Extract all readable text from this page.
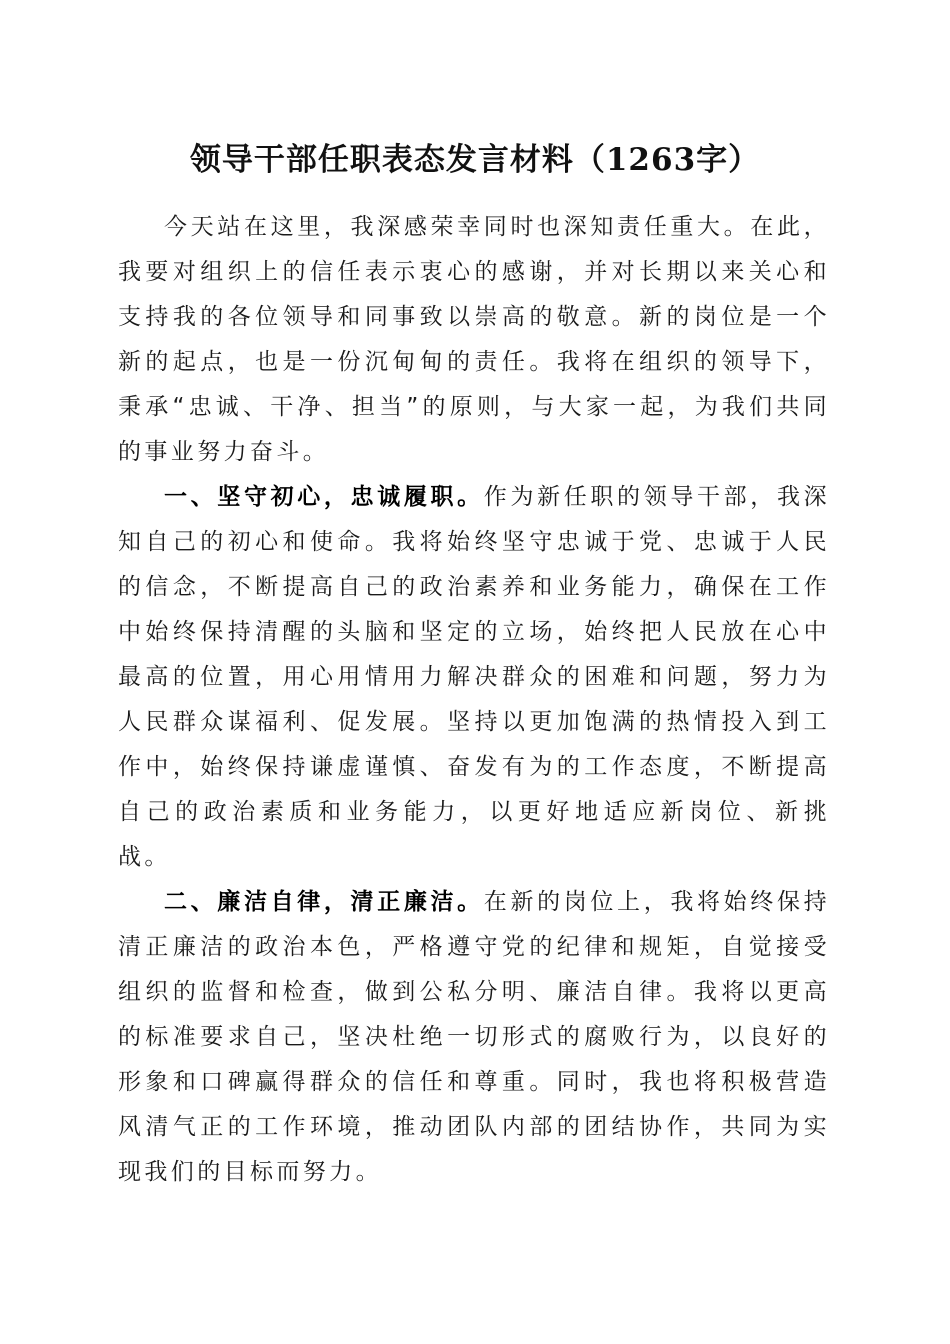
领导干部任职表态发言材料（1263字）

今天站在这里，我深感荣幸同时也深知责任重大。在此，我要对组织上的信任表示衷心的感谢，并对长期以来关心和支持我的各位领导和同事致以崇高的敬意。新的岗位是一个新的起点，也是一份沉甸甸的责任。我将在组织的领导下，秉承“忠诚、干净、担当”的原则，与大家一起，为我们共同的事业努力奋斗。

一、坚守初心，忠诚履职。作为新任职的领导干部，我深知自己的初心和使命。我将始终坚守忠诚于党、忠诚于人民的信念，不断提高自己的政治素养和业务能力，确保在工作中始终保持清醒的头脑和坚定的立场，始终把人民放在心中最高的位置，用心用情用力解决群众的困难和问题，努力为人民群众谋福利、促发展。坚持以更加饱满的热情投入到工作中，始终保持谦虚谨慎、奋发有为的工作态度，不断提高自己的政治素质和业务能力，以更好地适应新岗位、新挑战。

二、廉洁自律，清正廉洁。在新的岗位上，我将始终保持清正廉洁的政治本色，严格遵守党的纪律和规矩，自觉接受组织的监督和检查，做到公私分明、廉洁自律。我将以更高的标准要求自己，坚决杜绝一切形式的腐败行为，以良好的形象和口碑赢得群众的信任和尊重。同时，我也将积极营造风清气正的工作环境，推动团队内部的团结协作，共同为实现我们的目标而努力。
